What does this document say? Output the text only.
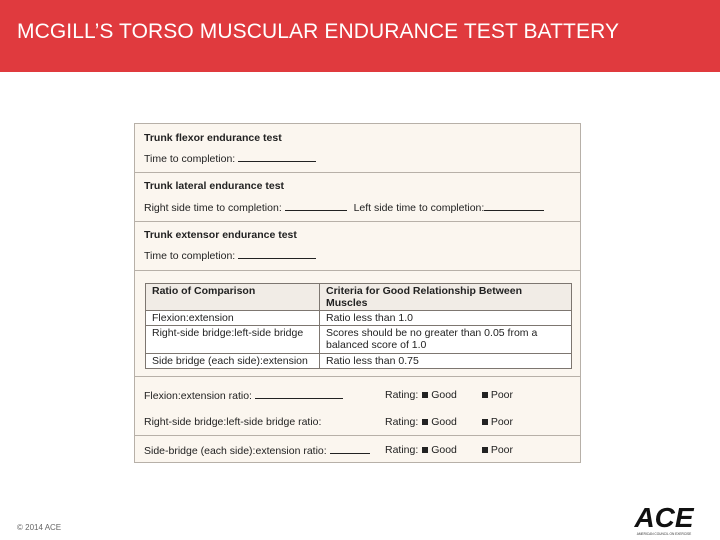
MCGILL’S TORSO MUSCULAR ENDURANCE TEST BATTERY
Trunk flexor endurance test
Time to completion:
Trunk lateral endurance test
Right side time to completion:	Left side time to completion:
Trunk extensor endurance test
Time to completion:
Ratio of Comparison	Criteria for Good Relationship Between Muscles
Flexion:extension	Ratio less than 1.0
Right-side bridge:left-side bridge	Scores should be no greater than 0.05 from a balanced score of 1.0
Side bridge (each side):extension	Ratio less than 0.75
Flexion:extension ratio:	Rating: Good	Poor
Right-side bridge:left-side bridge ratio:	Rating: Good	Poor
Side-bridge (each side):extension ratio:	Rating: Good	Poor
© 2014 ACE	ACE
AMERICAN COUNCIL ON EXERCISE
